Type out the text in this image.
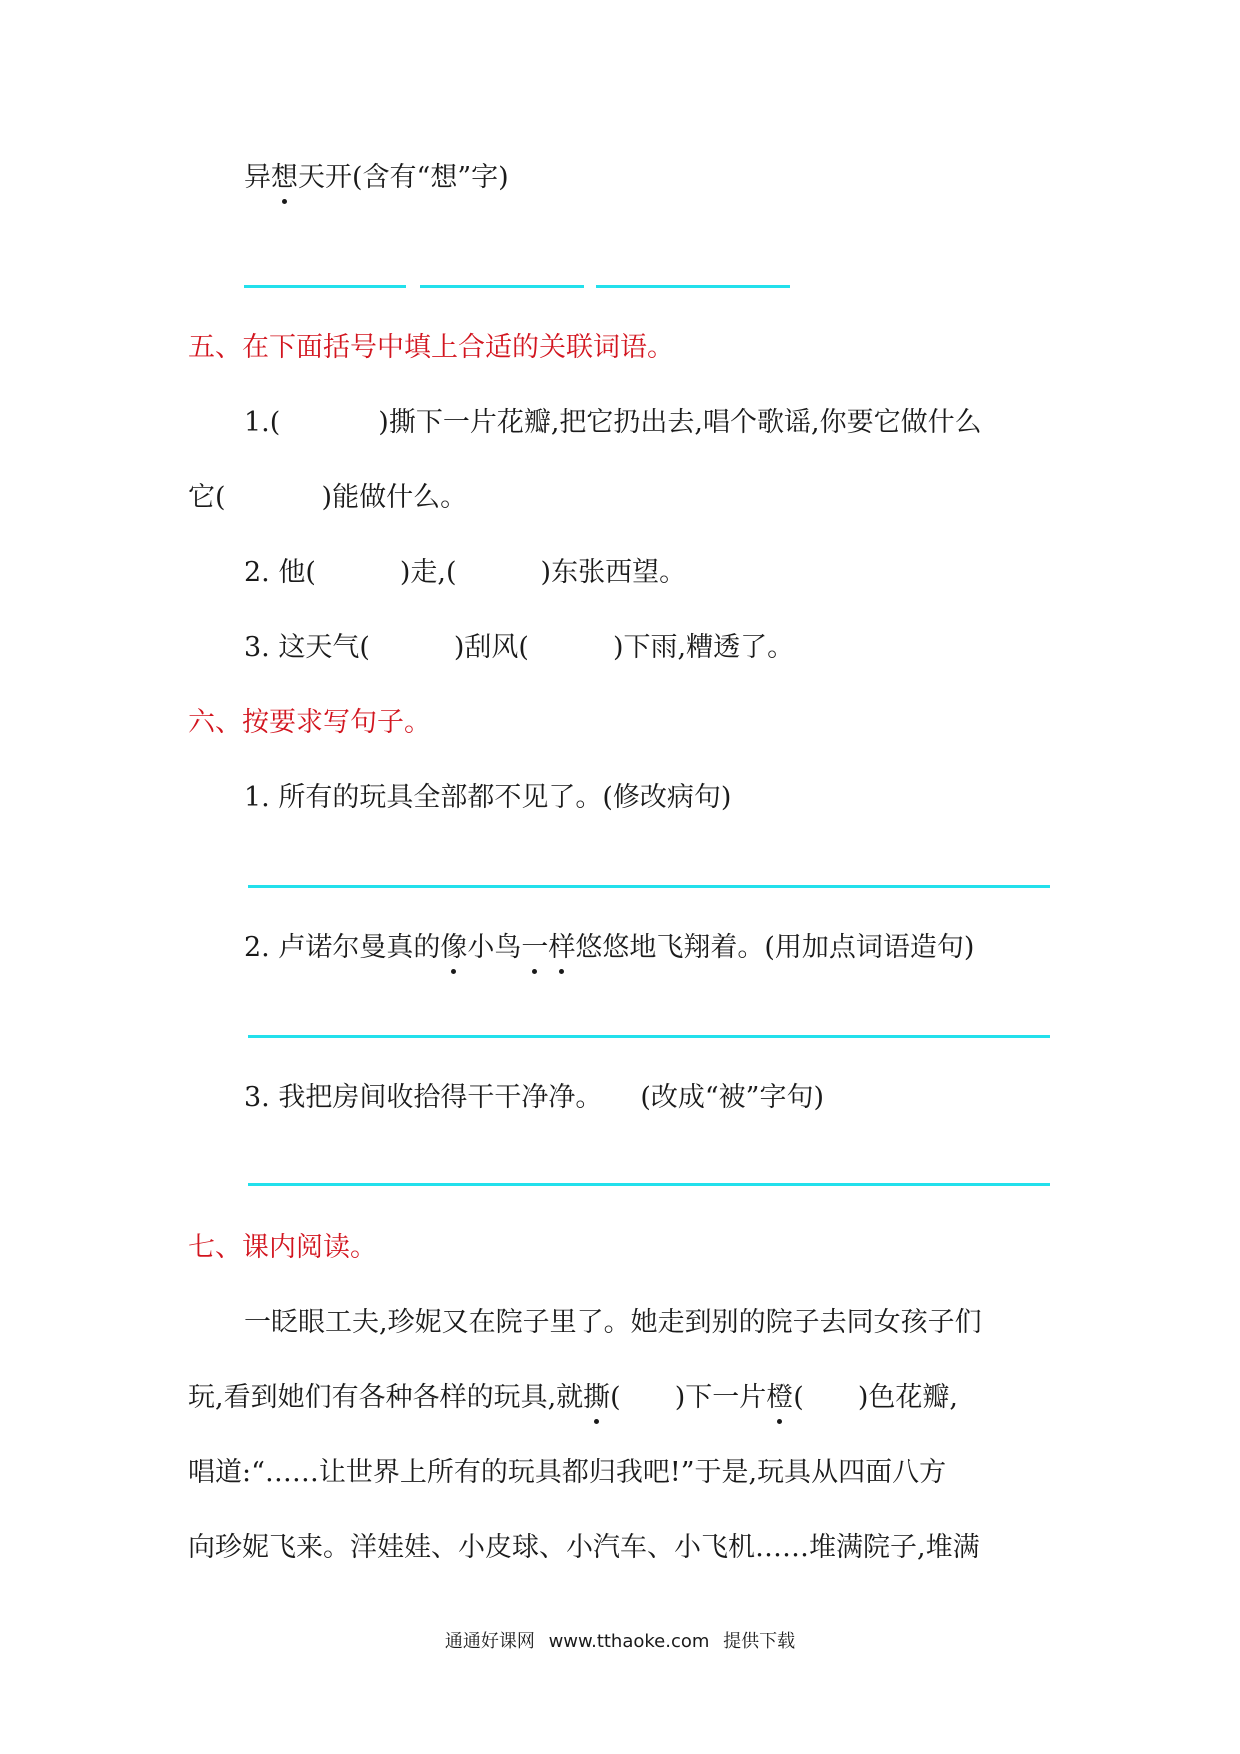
异想天开(含有“想”字)
五、在下面括号中填上合适的关联词语。
1.(	)撕下一片花瓣,把它扔出去,唱个歌谣,你要它做什么
它(	)能做什么。
2. 他(	)走,(	)东张西望。
3. 这天气(	)刮风(	)下雨,糟透了。
六、按要求写句子。
1. 所有的玩具全部都不见了。(修改病句)
2. 卢诺尔曼真的像小鸟一样悠悠地飞翔着。(用加点词语造句)
3. 我把房间收拾得干干净净。 (改成“被”字句)
七、课内阅读。
一眨眼工夫,珍妮又在院子里了。她走到别的院子去同女孩子们
玩,看到她们有各种各样的玩具,就撕( )下一片橙( )色花瓣,
唱道:“……让世界上所有的玩具都归我吧!”于是,玩具从四面八方
向珍妮飞来。洋娃娃、小皮球、小汽车、小飞机……堆满院子,堆满
通通好课网 www.tthaoke.com 提供下载
